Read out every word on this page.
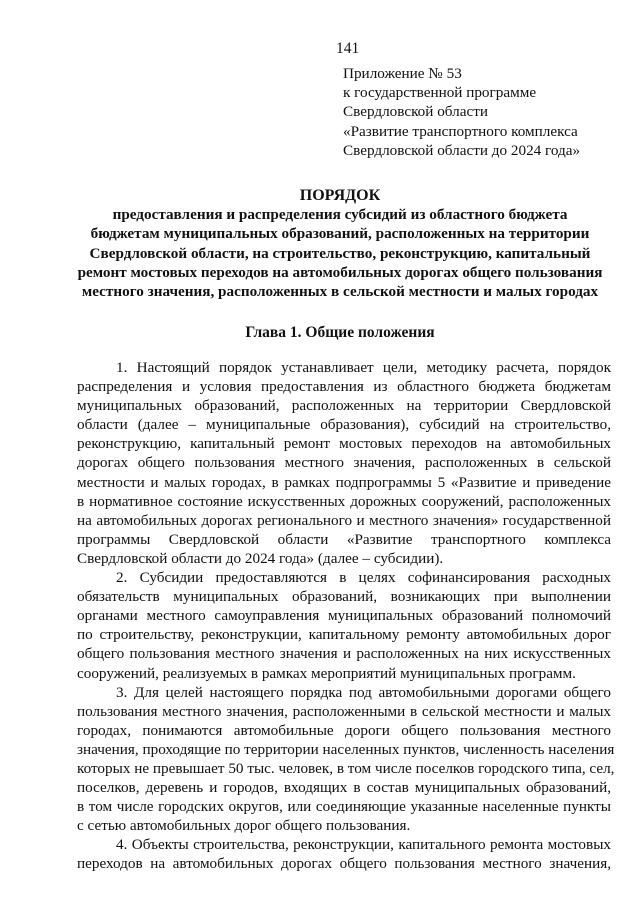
141
Приложение № 53
к государственной программе
Свердловской области
«Развитие транспортного комплекса
Свердловской области до 2024 года»
ПОРЯДОК
предоставления и распределения субсидий из областного бюджета
бюджетам муниципальных образований, расположенных на территории
Свердловской области, на строительство, реконструкцию, капитальный
ремонт мостовых переходов на автомобильных дорогах общего пользования
местного значения, расположенных в сельской местности и малых городах
Глава 1. Общие положения
1. Настоящий порядок устанавливает цели, методику расчета, порядок
распределения и условия предоставления из областного бюджета бюджетам
муниципальных образований, расположенных на территории Свердловской
области (далее – муниципальные образования), субсидий на строительство,
реконструкцию, капитальный ремонт мостовых переходов на автомобильных
дорогах общего пользования местного значения, расположенных в сельской
местности и малых городах, в рамках подпрограммы 5 «Развитие и приведение
в нормативное состояние искусственных дорожных сооружений, расположенных
на автомобильных дорогах регионального и местного значения» государственной
программы Свердловской области «Развитие транспортного комплекса
Свердловской области до 2024 года» (далее – субсидии).
2. Субсидии предоставляются в целях софинансирования расходных
обязательств муниципальных образований, возникающих при выполнении
органами местного самоуправления муниципальных образований полномочий
по строительству, реконструкции, капитальному ремонту автомобильных дорог
общего пользования местного значения и расположенных на них искусственных
сооружений, реализуемых в рамках мероприятий муниципальных программ.
3. Для целей настоящего порядка под автомобильными дорогами общего
пользования местного значения, расположенными в сельской местности и малых
городах, понимаются автомобильные дороги общего пользования местного
значения, проходящие по территории населенных пунктов, численность населения
которых не превышает 50 тыс. человек, в том числе поселков городского типа, сел,
поселков, деревень и городов, входящих в состав муниципальных образований,
в том числе городских округов, или соединяющие указанные населенные пункты
с сетью автомобильных дорог общего пользования.
4. Объекты строительства, реконструкции, капитального ремонта мостовых
переходов на автомобильных дорогах общего пользования местного значения,
